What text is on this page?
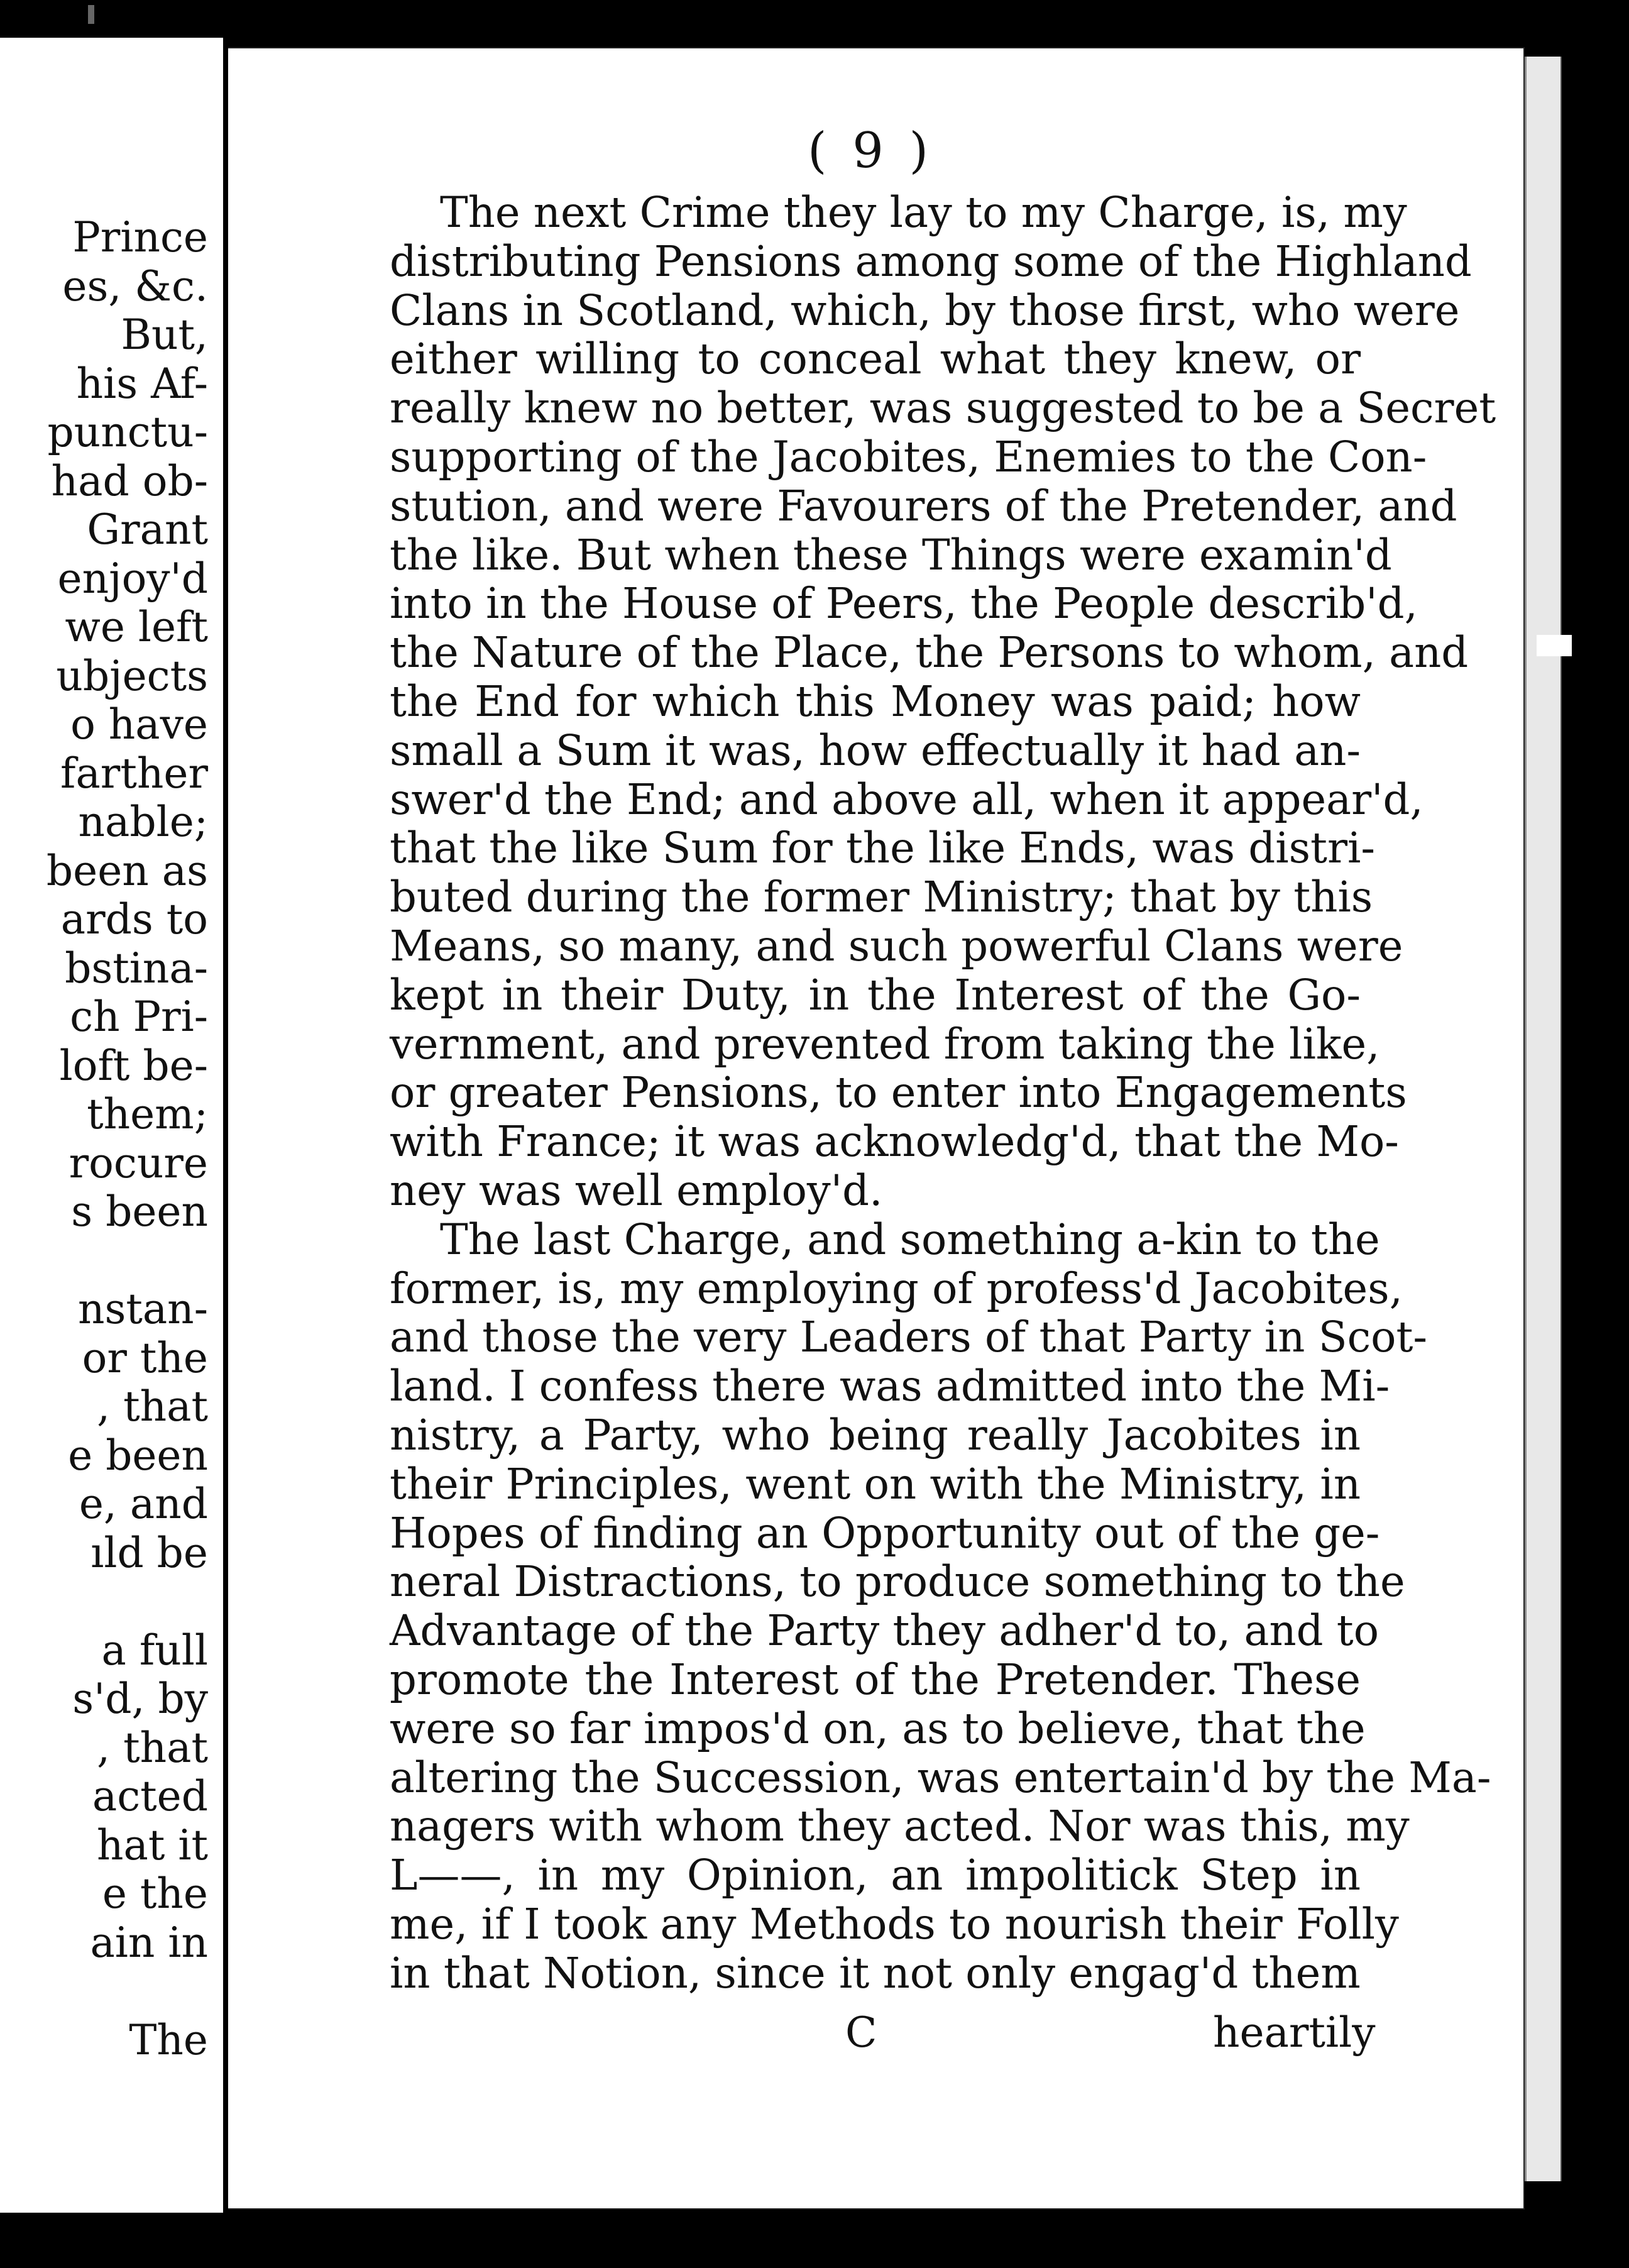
Prince
es, &c.
But,
his Af-
punctu-
had ob-
Grant
enjoy'd
we left
ubjects
o have
farther
nable;
been as
ards to
bstina-
ch Pri-
loft be-
them;
rocure
s been
nstan-
or the
, that
e been
e, and
ıld be
a full
s'd, by
, that
acted
hat it
e the
ain in
The
( 9 )
The next Crime they lay to my Charge, is, my
distributing Pensions among some of the Highland
Clans in Scotland, which, by those first, who were
either willing to conceal what they knew, or
really knew no better, was suggested to be a Secret
supporting of the Jacobites, Enemies to the Con-
stution, and were Favourers of the Pretender, and
the like. But when these Things were examin'd
into in the House of Peers, the People describ'd,
the Nature of the Place, the Persons to whom, and
the End for which this Money was paid; how
small a Sum it was, how effectually it had an-
swer'd the End; and above all, when it appear'd,
that the like Sum for the like Ends, was distri-
buted during the former Ministry; that by this
Means, so many, and such powerful Clans were
kept in their Duty, in the Interest of the Go-
vernment, and prevented from taking the like,
or greater Pensions, to enter into Engagements
with France; it was acknowledg'd, that the Mo-
ney was well employ'd.
The last Charge, and something a-kin to the
former, is, my employing of profess'd Jacobites,
and those the very Leaders of that Party in Scot-
land. I confess there was admitted into the Mi-
nistry, a Party, who being really Jacobites in
their Principles, went on with the Ministry, in
Hopes of finding an Opportunity out of the ge-
neral Distractions, to produce something to the
Advantage of the Party they adher'd to, and to
promote the Interest of the Pretender. These
were so far impos'd on, as to believe, that the
altering the Succession, was entertain'd by the Ma-
nagers with whom they acted. Nor was this, my
L——, in my Opinion, an impolitick Step in
me, if I took any Methods to nourish their Folly
in that Notion, since it not only engag'd them
C	heartily
